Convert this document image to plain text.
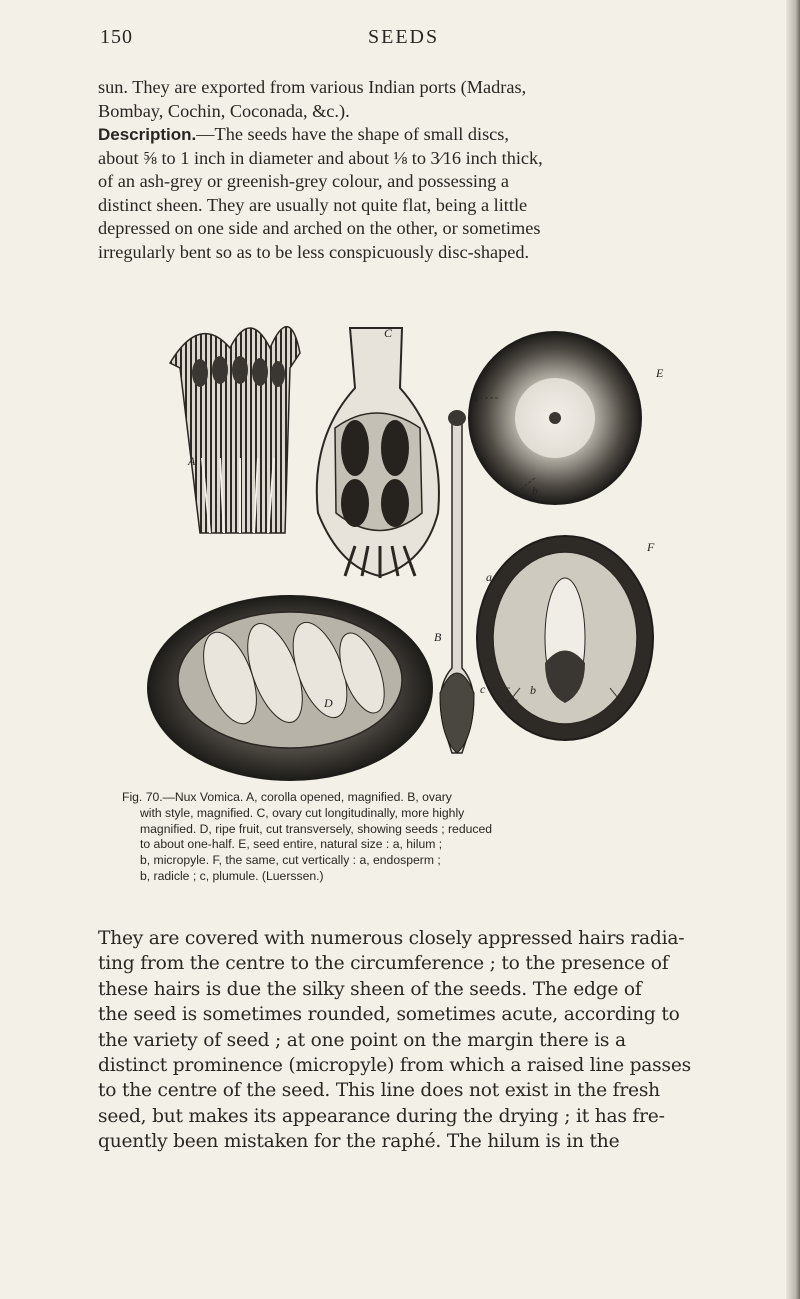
150	SEEDS

sun. They are exported from various Indian ports (Madras,
Bombay, Cochin, Coconada, &c.).
Description.—The seeds have the shape of small discs,
about ⅝ to 1 inch in diameter and about ⅛ to 3⁄16 inch thick,
of an ash-grey or greenish-grey colour, and possessing a
distinct sheen. They are usually not quite flat, being a little
depressed on one side and arched on the other, or sometimes
irregularly bent so as to be less conspicuously disc-shaped.

A
C
E
a
b
F
a
B
c	b
D

Fig. 70.—Nux Vomica. A, corolla opened, magnified. B, ovary
with style, magnified. C, ovary cut longitudinally, more highly
magnified. D, ripe fruit, cut transversely, showing seeds ; reduced
to about one-half. E, seed entire, natural size : a, hilum ;
b, micropyle. F, the same, cut vertically : a, endosperm ;
b, radicle ; c, plumule. (Luerssen.)

They are covered with numerous closely appressed hairs radia-
ting from the centre to the circumference ; to the presence of
these hairs is due the silky sheen of the seeds. The edge of
the seed is sometimes rounded, sometimes acute, according to
the variety of seed ; at one point on the margin there is a
distinct prominence (micropyle) from which a raised line passes
to the centre of the seed. This line does not exist in the fresh
seed, but makes its appearance during the drying ; it has fre-
quently been mistaken for the raphé. The hilum is in the
